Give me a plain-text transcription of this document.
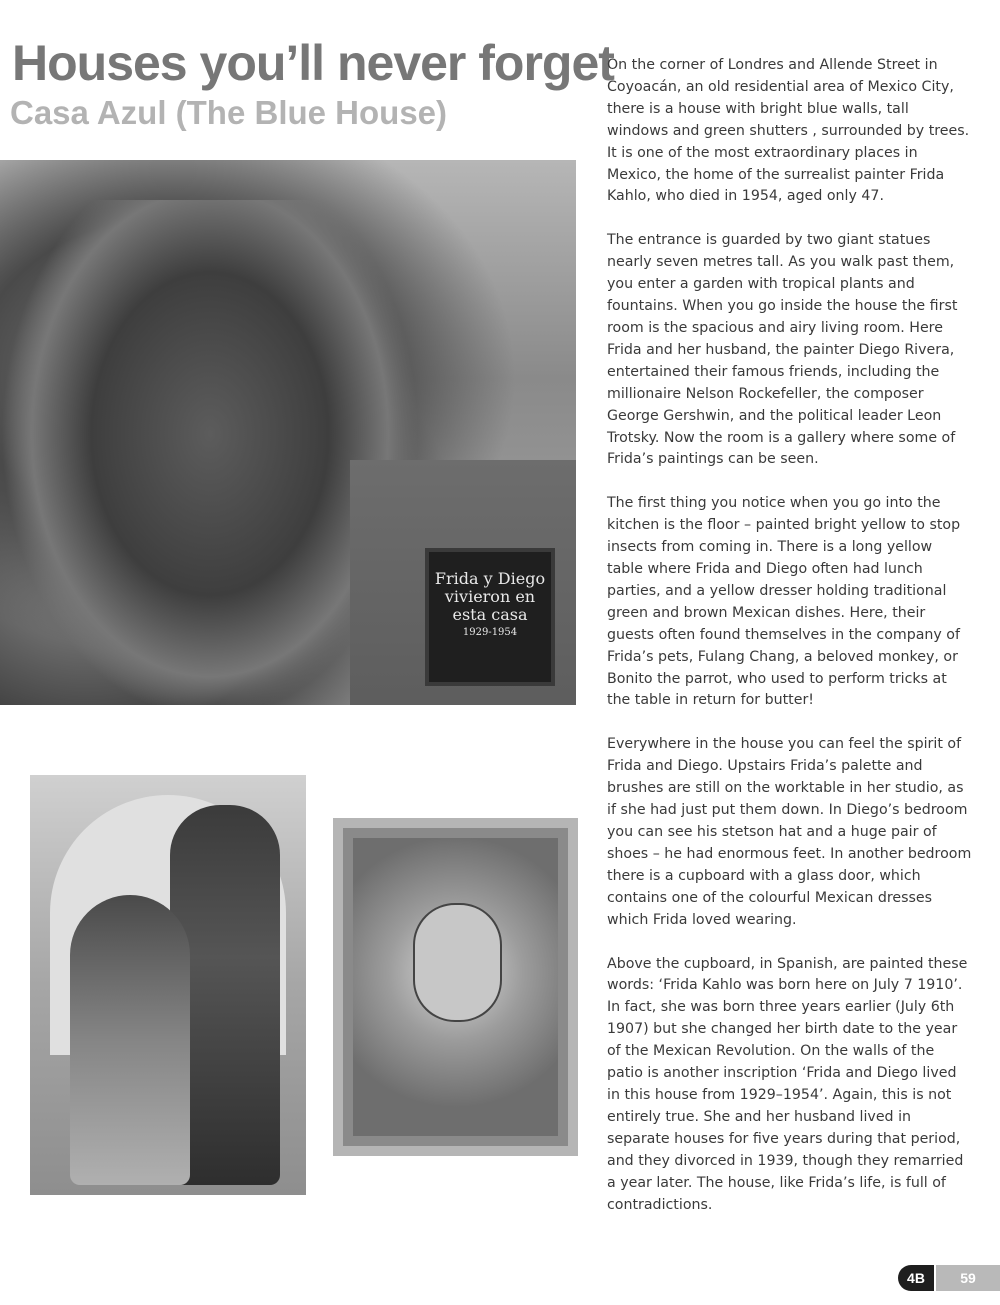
Houses you’ll never forget
Casa Azul (The Blue House)
Frida y Diego
vivieron en
esta casa
1929-1954

On the corner of Londres and Allende Street in Coyoacán, an old residential area of Mexico City, there is a house with bright blue walls, tall windows and green shutters , surrounded by trees. It is one of the most extraordinary places in Mexico, the home of the surrealist painter Frida Kahlo, who died in 1954, aged only 47.

The entrance is guarded by two giant statues nearly seven metres tall. As you walk past them, you enter a garden with tropical plants and fountains. When you go inside the house the first room is the spacious and airy living room. Here Frida and her husband, the painter Diego Rivera, entertained their famous friends, including the millionaire Nelson Rockefeller, the composer George Gershwin, and the political leader Leon Trotsky. Now the room is a gallery where some of Frida’s paintings can be seen.

The first thing you notice when you go into the kitchen is the floor – painted bright yellow to stop insects from coming in. There is a long yellow table where Frida and Diego often had lunch parties, and a yellow dresser holding traditional green and brown Mexican dishes. Here, their guests often found themselves in the company of Frida’s pets, Fulang Chang, a beloved monkey, or Bonito the parrot, who used to perform tricks at the table in return for butter!

Everywhere in the house you can feel the spirit of Frida and Diego. Upstairs Frida’s palette and brushes are still on the worktable in her studio, as if she had just put them down. In Diego’s bedroom you can see his stetson hat and a huge pair of shoes – he had enormous feet. In another bedroom there is a cupboard with a glass door, which contains one of the colourful Mexican dresses which Frida loved wearing.

Above the cupboard, in Spanish, are painted these words: ‘Frida Kahlo was born here on July 7 1910’. In fact, she was born three years earlier (July 6th 1907) but she changed her birth date to the year of the Mexican Revolution. On the walls of the patio is another inscription ‘Frida and Diego lived in this house from 1929–1954’. Again, this is not entirely true. She and her husband lived in separate houses for five years during that period, and they divorced in 1939, though they remarried a year later. The house, like Frida’s life, is full of contradictions.

4B	59
